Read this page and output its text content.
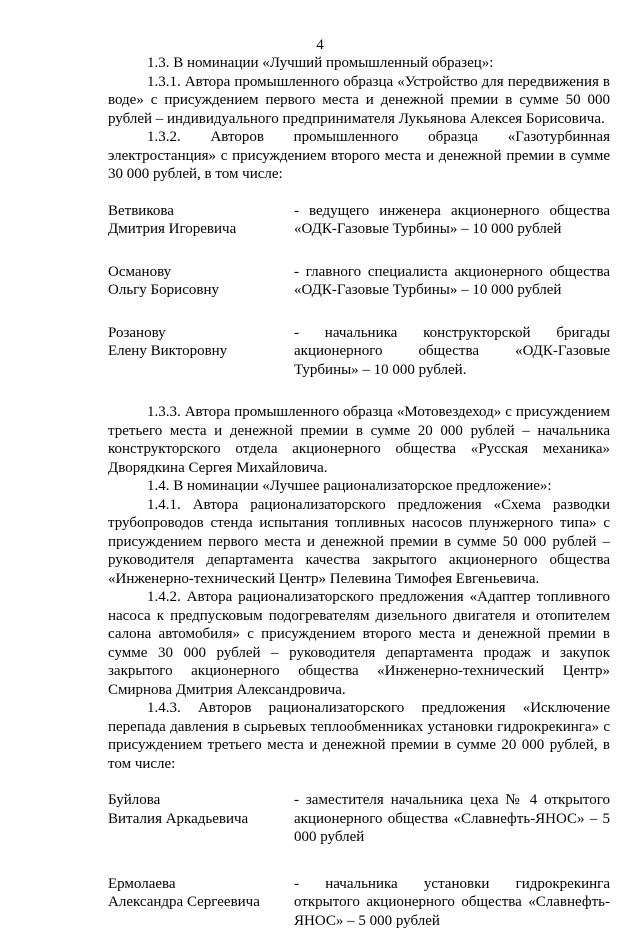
4

1.3. В номинации «Лучший промышленный образец»:

1.3.1. Автора промышленного образца «Устройство для передвижения в воде» с присуждением первого места и денежной премии в сумме 50 000 рублей – индивидуального предпринимателя Лукьянова Алексея Борисовича.

1.3.2. Авторов промышленного образца «Газотурбинная электростанция» с присуждением второго места и денежной премии в сумме 30 000 рублей, в том числе:

Ветвикова
Дмитрия Игоревича
- ведущего инженера акционерного общества «ОДК-Газовые Турбины» – 10 000 рублей
Османову
Ольгу Борисовну
- главного специалиста акционерного общества «ОДК-Газовые Турбины» – 10 000 рублей
Розанову
Елену Викторовну
- начальника конструкторской бригады акционерного общества «ОДК-Газовые Турбины» – 10 000 рублей.

1.3.3. Автора промышленного образца «Мотовездеход» с присуждением третьего места и денежной премии в сумме 20 000 рублей – начальника конструкторского отдела акционерного общества «Русская механика» Дворядкина Сергея Михайловича.

1.4. В номинации «Лучшее рационализаторское предложение»:

1.4.1. Автора рационализаторского предложения «Схема разводки трубопроводов стенда испытания топливных насосов плунжерного типа» с присуждением первого места и денежной премии в сумме 50 000 рублей – руководителя департамента качества закрытого акционерного общества «Инженерно-технический Центр» Пелевина Тимофея Евгеньевича.

1.4.2. Автора рационализаторского предложения «Адаптер топливного насоса к предпусковым подогревателям дизельного двигателя и отопителем салона автомобиля» с присуждением второго места и денежной премии в сумме 30 000 рублей – руководителя департамента продаж и закупок закрытого акционерного общества «Инженерно-технический Центр» Смирнова Дмитрия Александровича.

1.4.3. Авторов рационализаторского предложения «Исключение перепада давления в сырьевых теплообменниках установки гидрокрекинга» с присуждением третьего места и денежной премии в сумме 20 000 рублей, в том числе:

Буйлова
Виталия Аркадьевича
- заместителя начальника цеха № 4 открытого акционерного общества «Славнефть-ЯНОС» – 5 000 рублей
Ермолаева
Александра Сергеевича
- начальника установки гидрокрекинга открытого акционерного общества «Славнефть-ЯНОС» – 5 000 рублей
